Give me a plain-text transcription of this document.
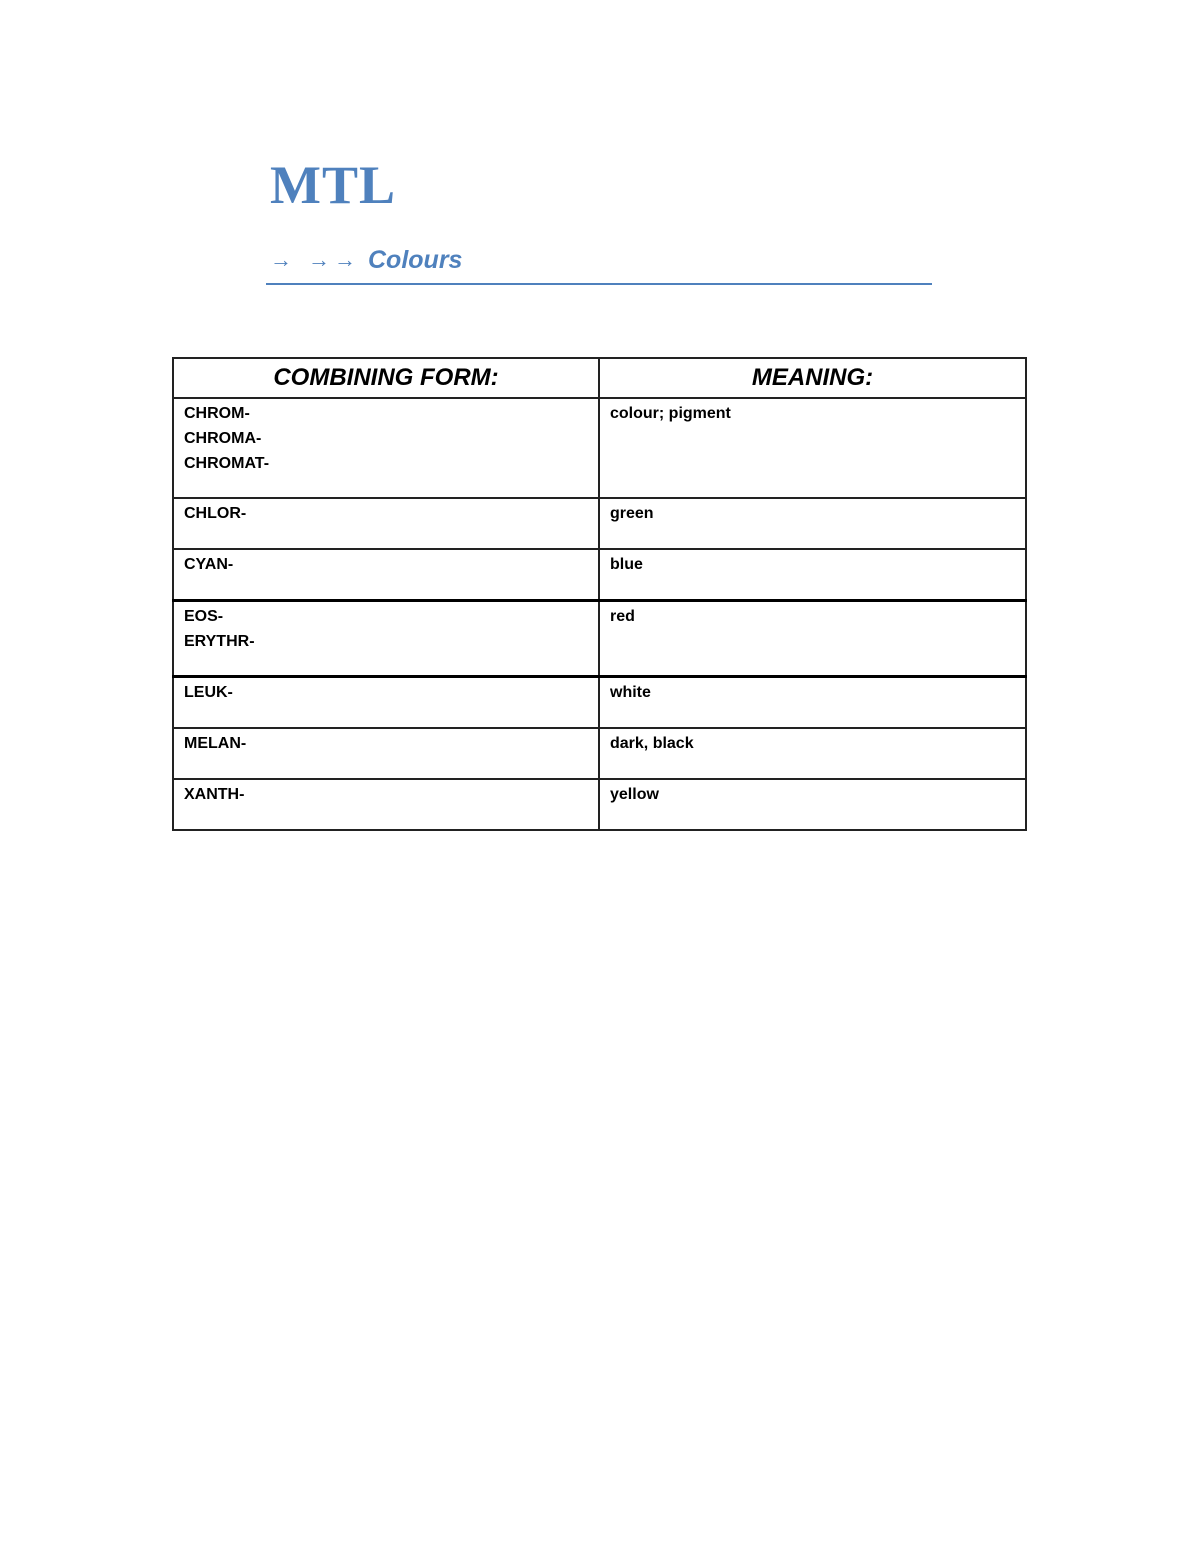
MTL
→ → → Colours
COMBINING FORM:	MEANING:

CHROM-
CHROMA-
CHROMAT-	colour; pigment

CHLOR-	green

CYAN-	blue

EOS-
ERYTHR-	red

LEUK-	white

MELAN-	dark, black

XANTH-	yellow
